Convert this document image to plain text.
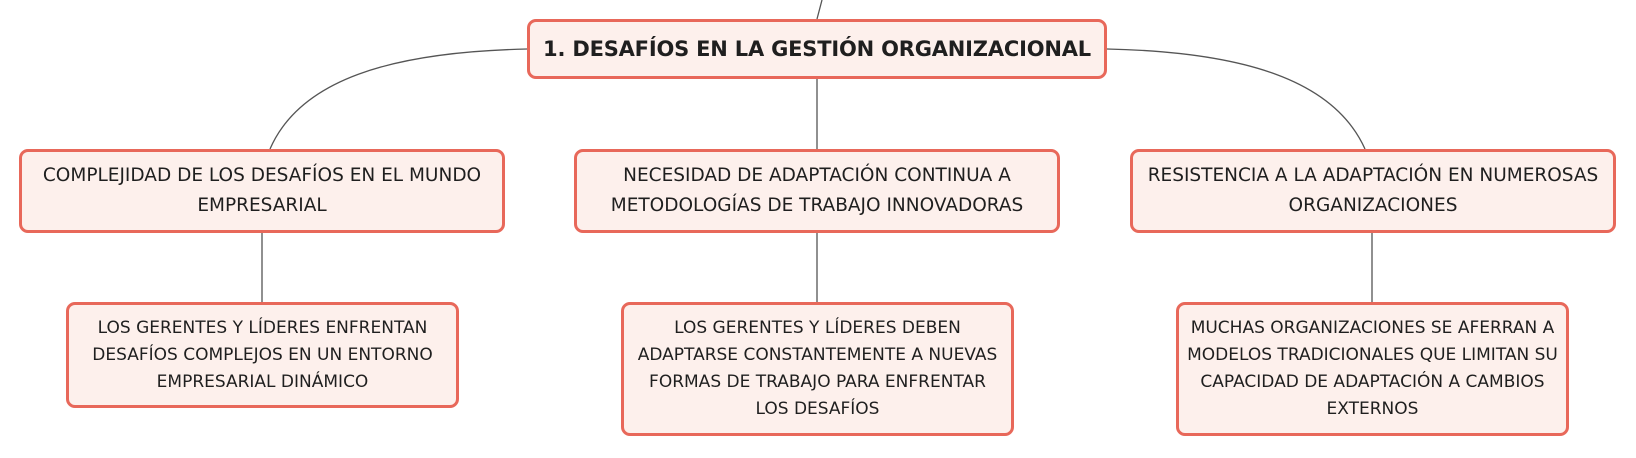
1. DESAFÍOS EN LA GESTIÓN ORGANIZACIONAL
COMPLEJIDAD DE LOS DESAFÍOS EN EL MUNDO EMPRESARIAL
NECESIDAD DE ADAPTACIÓN CONTINUA A METODOLOGÍAS DE TRABAJO INNOVADORAS
RESISTENCIA A LA ADAPTACIÓN EN NUMEROSAS ORGANIZACIONES
LOS GERENTES Y LÍDERES ENFRENTAN DESAFÍOS COMPLEJOS EN UN ENTORNO EMPRESARIAL DINÁMICO
LOS GERENTES Y LÍDERES DEBEN ADAPTARSE CONSTANTEMENTE A NUEVAS FORMAS DE TRABAJO PARA ENFRENTAR LOS DESAFÍOS
MUCHAS ORGANIZACIONES SE AFERRAN A MODELOS TRADICIONALES QUE LIMITAN SU CAPACIDAD DE ADAPTACIÓN A CAMBIOS EXTERNOS
